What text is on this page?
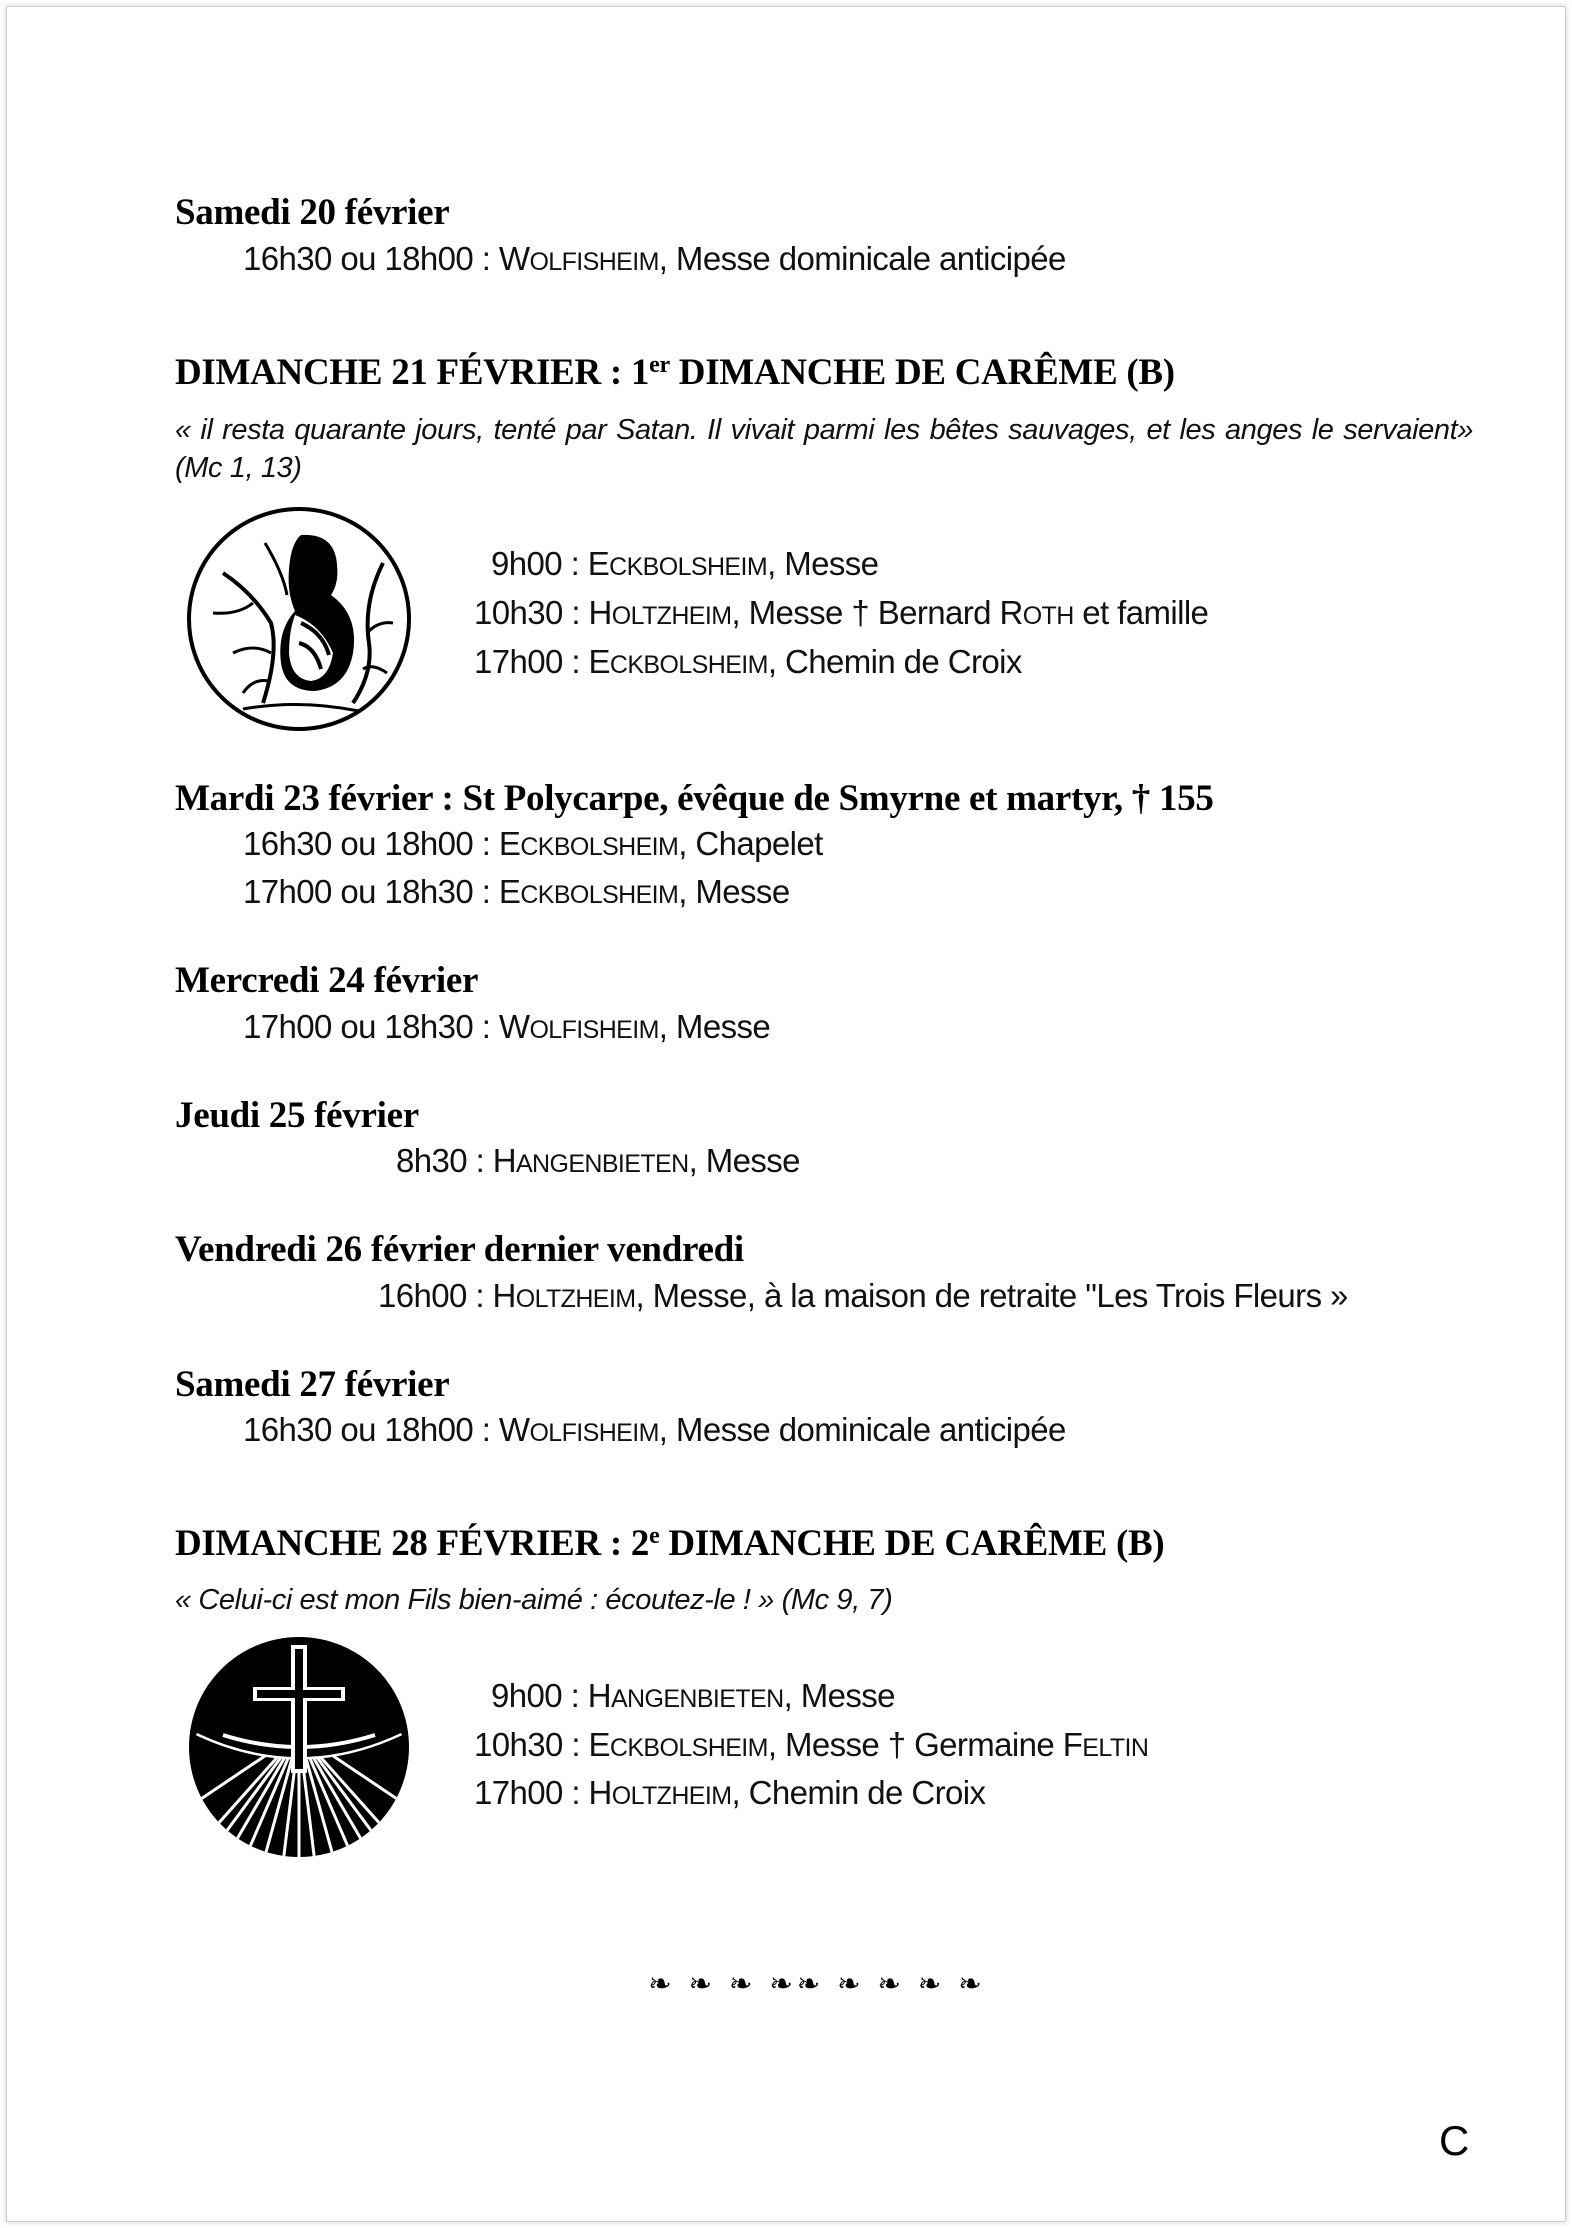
Samedi 20 février

16h30 ou 18h00 : WOLFISHEIM, Messe dominicale anticipée

DIMANCHE 21 FÉVRIER : 1er DIMANCHE DE CARÊME (B)

« il resta quarante jours, tenté par Satan. Il vivait parmi les bêtes sauvages, et les anges le servaient» (Mc 1, 13)

9h00 : ECKBOLSHEIM, Messe

10h30 : HOLTZHEIM, Messe † Bernard ROTH et famille

17h00 : ECKBOLSHEIM, Chemin de Croix

Mardi 23 février : St Polycarpe, évêque de Smyrne et martyr, † 155

16h30 ou 18h00 : ECKBOLSHEIM, Chapelet

17h00 ou 18h30 : ECKBOLSHEIM, Messe

Mercredi 24 février

17h00 ou 18h30 : WOLFISHEIM, Messe

Jeudi 25 février

8h30 : HANGENBIETEN, Messe

Vendredi 26 février dernier vendredi

16h00 : HOLTZHEIM, Messe, à la maison de retraite "Les Trois Fleurs »

Samedi 27 février

16h30 ou 18h00 : WOLFISHEIM, Messe dominicale anticipée

DIMANCHE 28 FÉVRIER : 2e DIMANCHE DE CARÊME (B)

« Celui-ci est mon Fils bien-aimé : écoutez-le ! » (Mc 9, 7)

9h00 : HANGENBIETEN, Messe

10h30 : ECKBOLSHEIM, Messe † Germaine FELTIN

17h00 : HOLTZHEIM, Chemin de Croix

❧ ❧ ❧ ❧❧ ❧ ❧ ❧ ❧
C
